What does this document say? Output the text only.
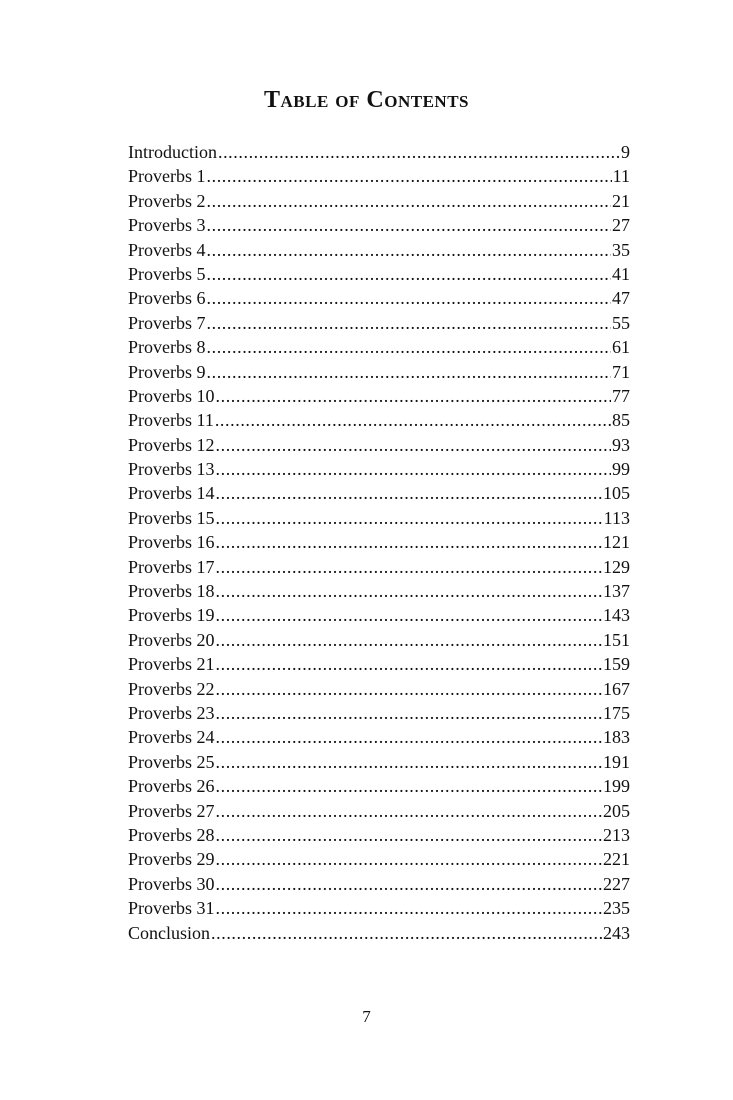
Table of Contents
Introduction .....	9
Proverbs 1 .....	11
Proverbs 2 .....	21
Proverbs 3 .....	27
Proverbs 4 .....	35
Proverbs 5 .....	41
Proverbs 6 .....	47
Proverbs 7 .....	55
Proverbs 8 .....	61
Proverbs 9 .....	71
Proverbs 10 .....	77
Proverbs 11 .....	85
Proverbs 12 .....	93
Proverbs 13 .....	99
Proverbs 14 .....	105
Proverbs 15 .....	113
Proverbs 16 .....	121
Proverbs 17 .....	129
Proverbs 18 .....	137
Proverbs 19 .....	143
Proverbs 20 .....	151
Proverbs 21 .....	159
Proverbs 22 .....	167
Proverbs 23 .....	175
Proverbs 24 .....	183
Proverbs 25 .....	191
Proverbs 26 .....	199
Proverbs 27 .....	205
Proverbs 28 .....	213
Proverbs 29 .....	221
Proverbs 30 .....	227
Proverbs 31 .....	235
Conclusion .....	243
7
